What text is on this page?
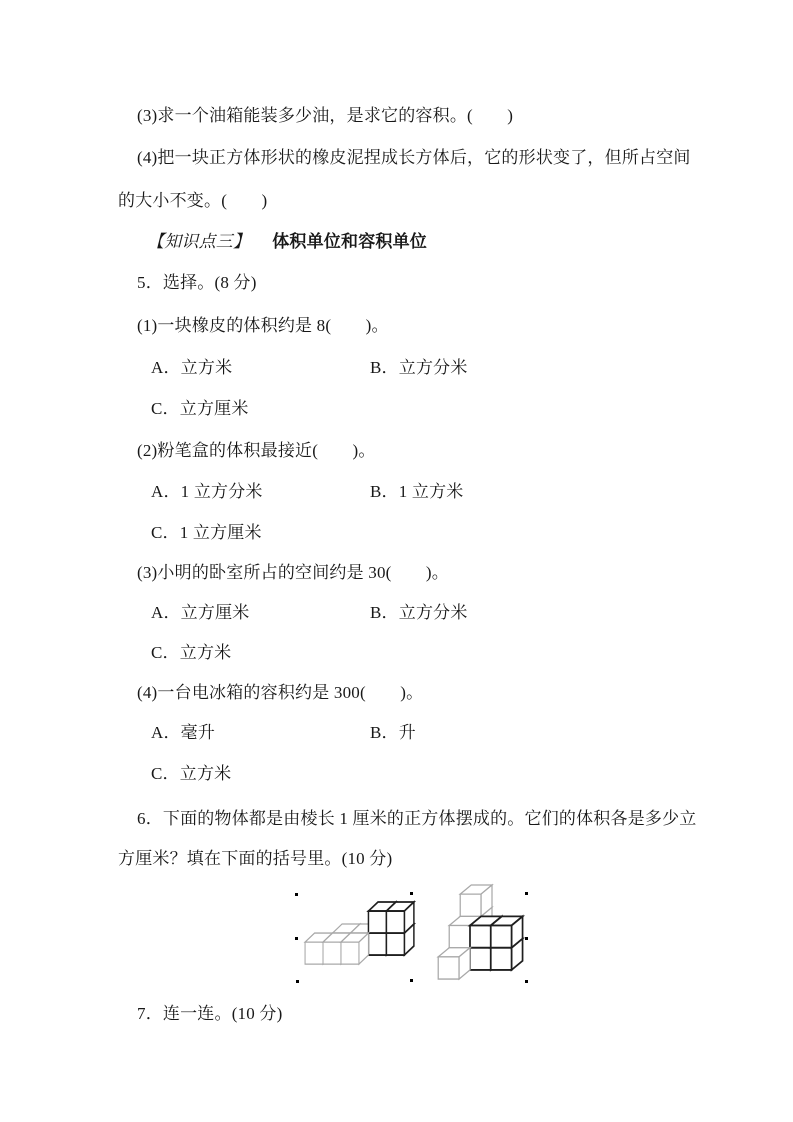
(3)求一个油箱能装多少油，是求它的容积。(　　)
(4)把一块正方体形状的橡皮泥捏成长方体后，它的形状变了，但所占空间
的大小不变。(　　)
【知识点三】 体积单位和容积单位
5．选择。(8 分)
(1)一块橡皮的体积约是 8(　　)。
A．立方米	B．立方分米
C．立方厘米
(2)粉笔盒的体积最接近(　　)。
A．1 立方分米	B．1 立方米
C．1 立方厘米
(3)小明的卧室所占的空间约是 30(　　)。
A．立方厘米	B．立方分米
C．立方米
(4)一台电冰箱的容积约是 300(　　)。
A．毫升	B．升
C．立方米
6．下面的物体都是由棱长 1 厘米的正方体摆成的。它们的体积各是多少立
方厘米？填在下面的括号里。(10 分)
7．连一连。(10 分)
